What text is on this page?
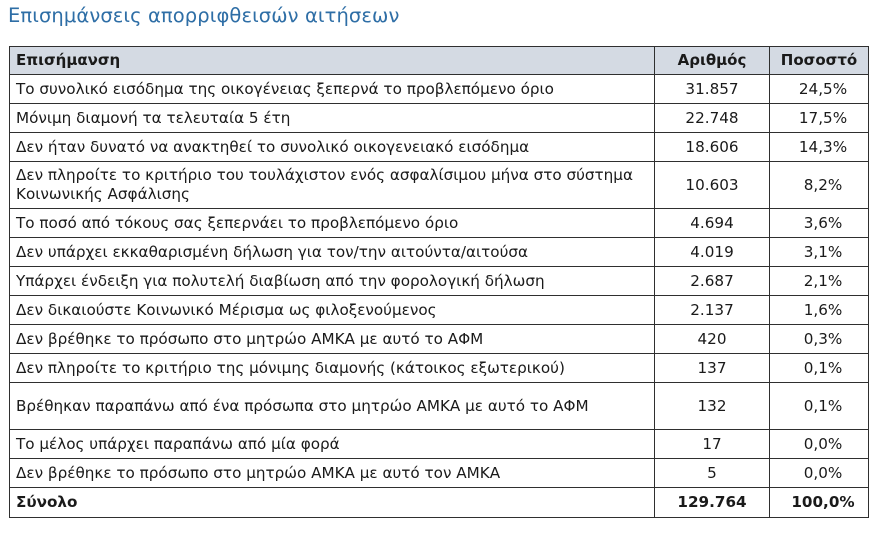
Επισημάνσεις απορριφθεισών αιτήσεων
Επισήμανση	Αριθμός	Ποσοστό
Το συνολικό εισόδημα της οικογένειας ξεπερνά το προβλεπόμενο όριο	31.857	24,5%
Μόνιμη διαμονή τα τελευταία 5 έτη	22.748	17,5%
Δεν ήταν δυνατό να ανακτηθεί το συνολικό οικογενειακό εισόδημα	18.606	14,3%
Δεν πληροίτε το κριτήριο του τουλάχιστον ενός ασφαλίσιμου μήνα στο σύστημα Κοινωνικής Ασφάλισης	10.603	8,2%
Το ποσό από τόκους σας ξεπερνάει το προβλεπόμενο όριο	4.694	3,6%
Δεν υπάρχει εκκαθαρισμένη δήλωση για τον/την αιτούντα/αιτούσα	4.019	3,1%
Υπάρχει ένδειξη για πολυτελή διαβίωση από την φορολογική δήλωση	2.687	2,1%
Δεν δικαιούστε Κοινωνικό Μέρισμα ως φιλοξενούμενος	2.137	1,6%
Δεν βρέθηκε το πρόσωπο στο μητρώο ΑΜΚΑ με αυτό το ΑΦΜ	420	0,3%
Δεν πληροίτε το κριτήριο της μόνιμης διαμονής (κάτοικος εξωτερικού)	137	0,1%
Βρέθηκαν παραπάνω από ένα πρόσωπα στο μητρώο ΑΜΚΑ με αυτό το ΑΦΜ	132	0,1%
Το μέλος υπάρχει παραπάνω από μία φορά	17	0,0%
Δεν βρέθηκε το πρόσωπο στο μητρώο ΑΜΚΑ με αυτό τον ΑΜΚΑ	5	0,0%
Σύνολο	129.764	100,0%
